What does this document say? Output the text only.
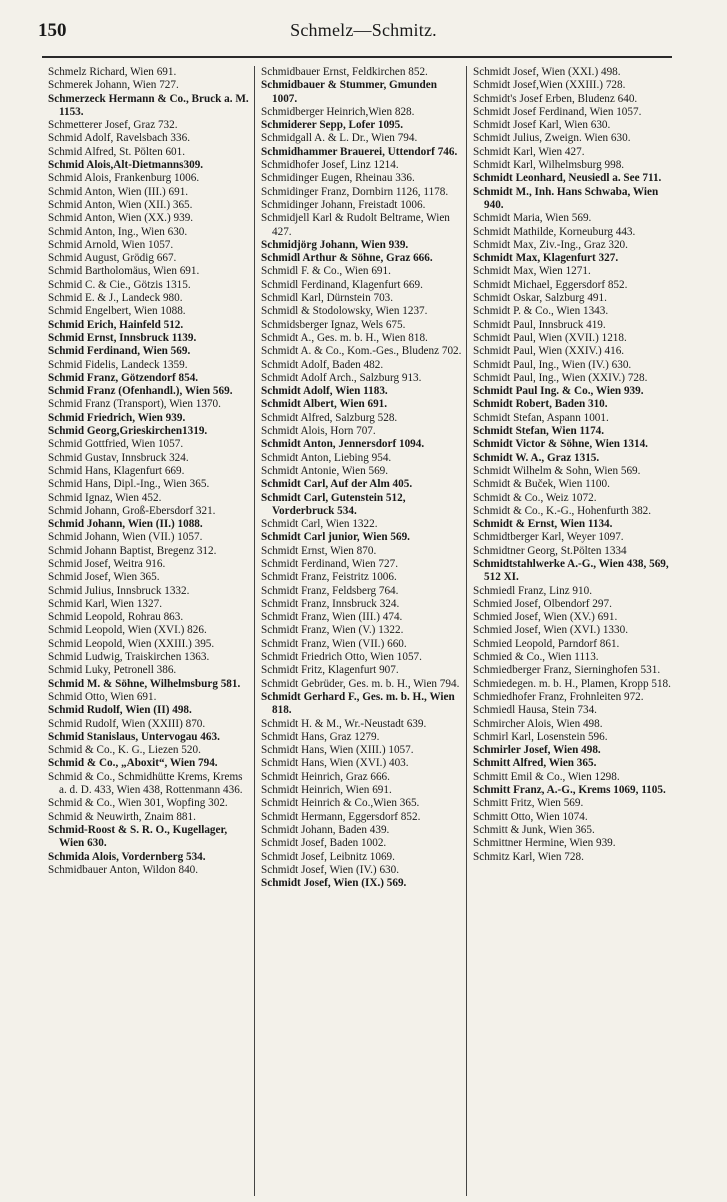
150	Schmelz—Schmitz.

Schmelz Richard, Wien 691.

Schmerek Johann, Wien 727.

Schmerzeck Hermann & Co., Bruck a. M. 1153.

Schmetterer Josef, Graz 732.

Schmid Adolf, Ravelsbach 336.

Schmid Alfred, St. Pölten 601.

Schmid Alois,Alt-Dietmanns309.

Schmid Alois, Frankenburg 1006.

Schmid Anton, Wien (III.) 691.

Schmid Anton, Wien (XII.) 365.

Schmid Anton, Wien (XX.) 939.

Schmid Anton, Ing., Wien 630.

Schmid Arnold, Wien 1057.

Schmid August, Grödig 667.

Schmid Bartholomäus, Wien 691.

Schmid C. & Cie., Götzis 1315.

Schmid E. & J., Landeck 980.

Schmid Engelbert, Wien 1088.

Schmid Erich, Hainfeld 512.

Schmid Ernst, Innsbruck 1139.

Schmid Ferdinand, Wien 569.

Schmid Fidelis, Landeck 1359.

Schmid Franz, Götzendorf 854.

Schmid Franz (Ofenhandl.), Wien 569.

Schmid Franz (Transport), Wien 1370.

Schmid Friedrich, Wien 939.

Schmid Georg,Grieskirchen1319.

Schmid Gottfried, Wien 1057.

Schmid Gustav, Innsbruck 324.

Schmid Hans, Klagenfurt 669.

Schmid Hans, Dipl.-Ing., Wien 365.

Schmid Ignaz, Wien 452.

Schmid Johann, Groß-Ebersdorf 321.

Schmid Johann, Wien (II.) 1088.

Schmid Johann, Wien (VII.) 1057.

Schmid Johann Baptist, Bregenz 312.

Schmid Josef, Weitra 916.

Schmid Josef, Wien 365.

Schmid Julius, Innsbruck 1332.

Schmid Karl, Wien 1327.

Schmid Leopold, Rohrau 863.

Schmid Leopold, Wien (XVI.) 826.

Schmid Leopold, Wien (XXIII.) 395.

Schmid Ludwig, Traiskirchen 1363.

Schmid Luky, Petronell 386.

Schmid M. & Söhne, Wilhelmsburg 581.

Schmid Otto, Wien 691.

Schmid Rudolf, Wien (II) 498.

Schmid Rudolf, Wien (XXIII) 870.

Schmid Stanislaus, Untervogau 463.

Schmid & Co., K. G., Liezen 520.

Schmid & Co., „Aboxit“, Wien 794.

Schmid & Co., Schmidhütte Krems, Krems a. d. D. 433, Wien 438, Rottenmann 436.

Schmid & Co., Wien 301, Wopfing 302.

Schmid & Neuwirth, Znaim 881.

Schmid-Roost & S. R. O., Kugellager, Wien 630.

Schmida Alois, Vordernberg 534.

Schmidbauer Anton, Wildon 840.

Schmidbauer Ernst, Feldkirchen 852.

Schmidbauer & Stummer, Gmunden 1007.

Schmidberger Heinrich,Wien 828.

Schmiderer Sepp, Lofer 1095.

Schmidgall A. & L. Dr., Wien 794.

Schmidhammer Brauerei, Uttendorf 746.

Schmidhofer Josef, Linz 1214.

Schmidinger Eugen, Rheinau 336.

Schmidinger Franz, Dornbirn 1126, 1178.

Schmidinger Johann, Freistadt 1006.

Schmidjell Karl & Rudolt Beltrame, Wien 427.

Schmidjörg Johann, Wien 939.

Schmidl Arthur & Söhne, Graz 666.

Schmidl F. & Co., Wien 691.

Schmidl Ferdinand, Klagenfurt 669.

Schmidl Karl, Dürnstein 703.

Schmidl & Stodolowsky, Wien 1237.

Schmidsberger Ignaz, Wels 675.

Schmidt A., Ges. m. b. H., Wien 818.

Schmidt A. & Co., Kom.-Ges., Bludenz 702.

Schmidt Adolf, Baden 482.

Schmidt Adolf Arch., Salzburg 913.

Schmidt Adolf, Wien 1183.

Schmidt Albert, Wien 691.

Schmidt Alfred, Salzburg 528.

Schmidt Alois, Horn 707.

Schmidt Anton, Jennersdorf 1094.

Schmidt Anton, Liebing 954.

Schmidt Antonie, Wien 569.

Schmidt Carl, Auf der Alm 405.

Schmidt Carl, Gutenstein 512, Vorderbruck 534.

Schmidt Carl, Wien 1322.

Schmidt Carl junior, Wien 569.

Schmidt Ernst, Wien 870.

Schmidt Ferdinand, Wien 727.

Schmidt Franz, Feistritz 1006.

Schmidt Franz, Feldsberg 764.

Schmidt Franz, Innsbruck 324.

Schmidt Franz, Wien (III.) 474.

Schmidt Franz, Wien (V.) 1322.

Schmidt Franz, Wien (VII.) 660.

Schmidt Friedrich Otto, Wien 1057.

Schmidt Fritz, Klagenfurt 907.

Schmidt Gebrüder, Ges. m. b. H., Wien 794.

Schmidt Gerhard F., Ges. m. b. H., Wien 818.

Schmidt H. & M., Wr.-Neustadt 639.

Schmidt Hans, Graz 1279.

Schmidt Hans, Wien (XIII.) 1057.

Schmidt Hans, Wien (XVI.) 403.

Schmidt Heinrich, Graz 666.

Schmidt Heinrich, Wien 691.

Schmidt Heinrich & Co.,Wien 365.

Schmidt Hermann, Eggersdorf 852.

Schmidt Johann, Baden 439.

Schmidt Josef, Baden 1002.

Schmidt Josef, Leibnitz 1069.

Schmidt Josef, Wien (IV.) 630.

Schmidt Josef, Wien (IX.) 569.

Schmidt Josef, Wien (XXI.) 498.

Schmidt Josef,Wien (XXIII.) 728.

Schmidt's Josef Erben, Bludenz 640.

Schmidt Josef Ferdinand, Wien 1057.

Schmidt Josef Karl, Wien 630.

Schmidt Julius, Zweign. Wien 630.

Schmidt Karl, Wien 427.

Schmidt Karl, Wilhelmsburg 998.

Schmidt Leonhard, Neusiedl a. See 711.

Schmidt M., Inh. Hans Schwaba, Wien 940.

Schmidt Maria, Wien 569.

Schmidt Mathilde, Korneuburg 443.

Schmidt Max, Ziv.-Ing., Graz 320.

Schmidt Max, Klagenfurt 327.

Schmidt Max, Wien 1271.

Schmidt Michael, Eggersdorf 852.

Schmidt Oskar, Salzburg 491.

Schmidt P. & Co., Wien 1343.

Schmidt Paul, Innsbruck 419.

Schmidt Paul, Wien (XVII.) 1218.

Schmidt Paul, Wien (XXIV.) 416.

Schmidt Paul, Ing., Wien (IV.) 630.

Schmidt Paul, Ing., Wien (XXIV.) 728.

Schmidt Paul Ing. & Co., Wien 939.

Schmidt Robert, Baden 310.

Schmidt Stefan, Aspann 1001.

Schmidt Stefan, Wien 1174.

Schmidt Victor & Söhne, Wien 1314.

Schmidt W. A., Graz 1315.

Schmidt Wilhelm & Sohn, Wien 569.

Schmidt & Buček, Wien 1100.

Schmidt & Co., Weiz 1072.

Schmidt & Co., K.-G., Hohenfurth 382.

Schmidt & Ernst, Wien 1134.

Schmidtberger Karl, Weyer 1097.

Schmidtner Georg, St.Pölten 1334

Schmidtstahlwerke A.-G., Wien 438, 569, 512 XI.

Schmiedl Franz, Linz 910.

Schmied Josef, Olbendorf 297.

Schmied Josef, Wien (XV.) 691.

Schmied Josef, Wien (XVI.) 1330.

Schmied Leopold, Parndorf 861.

Schmied & Co., Wien 1113.

Schmiedberger Franz, Sierninghofen 531.

Schmiedegen. m. b. H., Plamen, Kropp 518.

Schmiedhofer Franz, Frohnleiten 972.

Schmiedl Hausa, Stein 734.

Schmircher Alois, Wien 498.

Schmirl Karl, Losenstein 596.

Schmirler Josef, Wien 498.

Schmitt Alfred, Wien 365.

Schmitt Emil & Co., Wien 1298.

Schmitt Franz, A.-G., Krems 1069, 1105.

Schmitt Fritz, Wien 569.

Schmitt Otto, Wien 1074.

Schmitt & Junk, Wien 365.

Schmittner Hermine, Wien 939.

Schmitz Karl, Wien 728.
